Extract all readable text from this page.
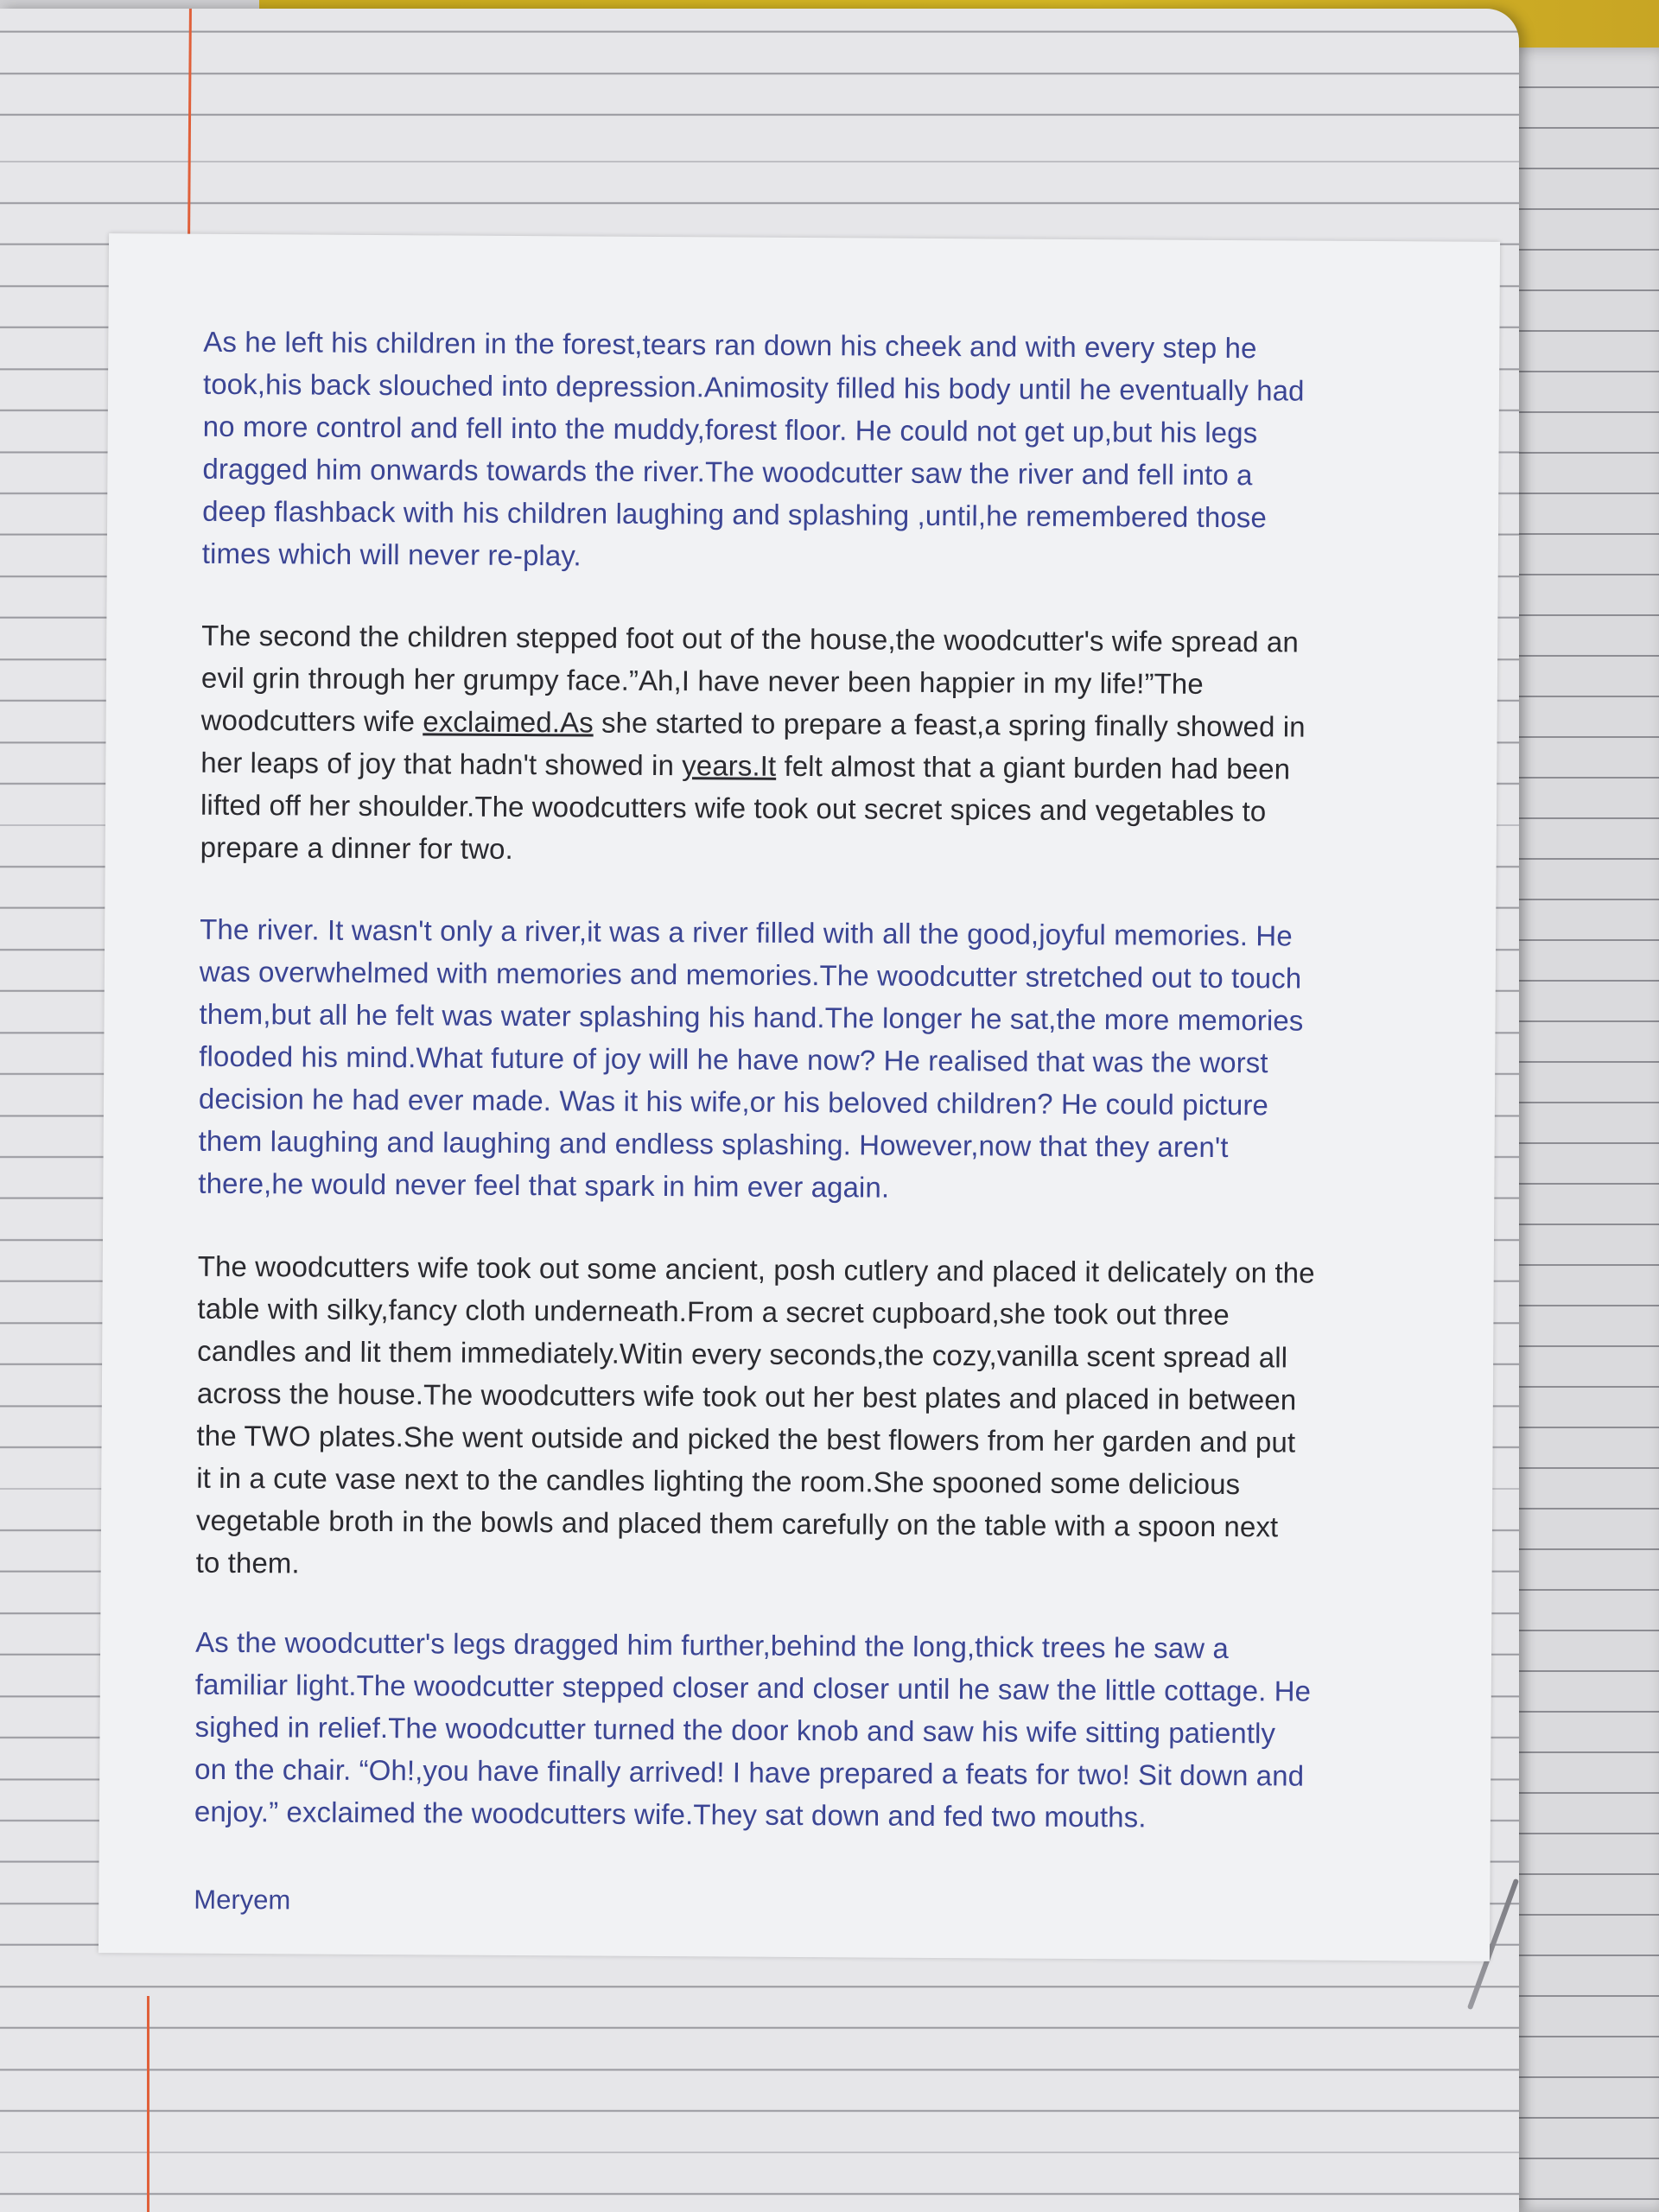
As he left his children in the forest,tears ran down his cheek and with every step he
took,his back slouched into depression.Animosity filled his body until he eventually had
no more control and fell into the muddy,forest floor. He could not get up,but his legs
dragged him onwards towards the river.The woodcutter saw the river and fell into a
deep flashback with his children laughing and splashing ,until,he remembered those
times which will never re-play.
The second the children stepped foot out of the house,the woodcutter's wife spread an
evil grin through her grumpy face.”Ah,I have never been happier in my life!”The
woodcutters wife exclaimed.As she started to prepare a feast,a spring finally showed in
her leaps of joy that hadn't showed in years.It felt almost that a giant burden had been
lifted off her shoulder.The woodcutters wife took out secret spices and vegetables to
prepare a dinner for two.
The river. It wasn't only a river,it was a river filled with all the good,joyful memories. He
was overwhelmed with memories and memories.The woodcutter stretched out to touch
them,but all he felt was water splashing his hand.The longer he sat,the more memories
flooded his mind.What future of joy will he have now? He realised that was the worst
decision he had ever made. Was it his wife,or his beloved children? He could picture
them laughing and laughing and endless splashing. However,now that they aren't
there,he would never feel that spark in him ever again.
The woodcutters wife took out some ancient, posh cutlery and placed it delicately on the
table with silky,fancy cloth underneath.From a secret cupboard,she took out three
candles and lit them immediately.Witin every seconds,the cozy,vanilla scent spread all
across the house.The woodcutters wife took out her best plates and placed in between
the TWO plates.She went outside and picked the best flowers from her garden and put
it in a cute vase next to the candles lighting the room.She spooned some delicious
vegetable broth in the bowls and placed them carefully on the table with a spoon next
to them.
As the woodcutter's legs dragged him further,behind the long,thick trees he saw a
familiar light.The woodcutter stepped closer and closer until he saw the little cottage. He
sighed in relief.The woodcutter turned the door knob and saw his wife sitting patiently
on the chair. “Oh!,you have finally arrived! I have prepared a feats for two! Sit down and
enjoy.” exclaimed the woodcutters wife.They sat down and fed two mouths.
Meryem
